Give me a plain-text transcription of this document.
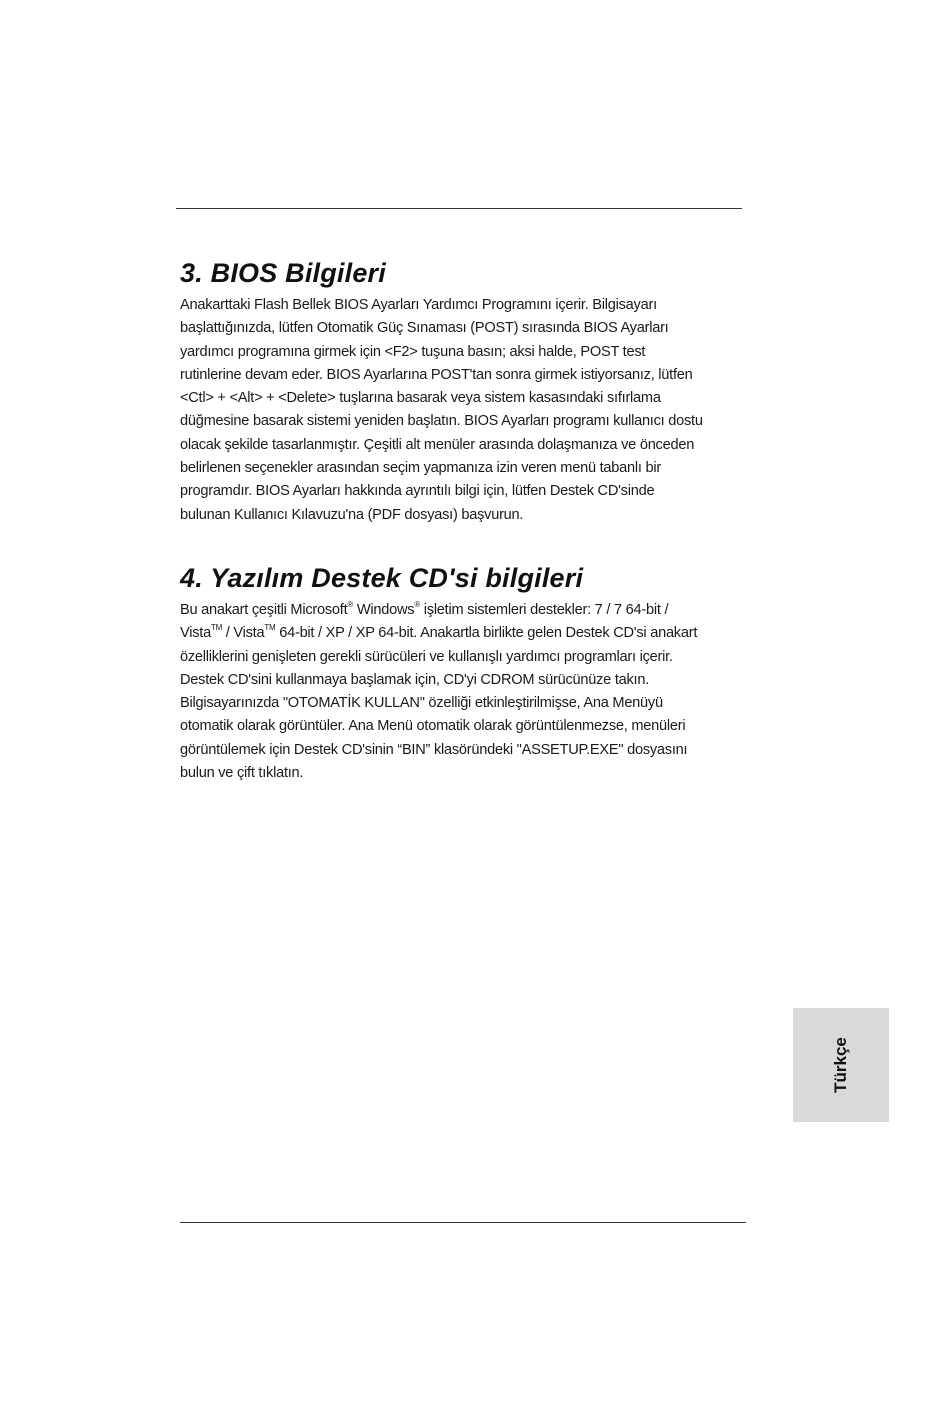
3. BIOS Bilgileri
Anakarttaki Flash Bellek BIOS Ayarları Yardımcı Programını içerir. Bilgisayarı
başlattığınızda, lütfen Otomatik Güç Sınaması (POST) sırasında BIOS Ayarları
yardımcı programına girmek için <F2> tuşuna basın; aksi halde, POST test
rutinlerine devam eder. BIOS Ayarlarına POST'tan sonra girmek istiyorsanız, lütfen
<Ctl> + <Alt> + <Delete> tuşlarına basarak veya sistem kasasındaki sıfırlama
düğmesine basarak sistemi yeniden başlatın. BIOS Ayarları programı kullanıcı dostu
olacak şekilde tasarlanmıştır. Çeşitli alt menüler arasında dolaşmanıza ve önceden
belirlenen seçenekler arasından seçim yapmanıza izin veren menü tabanlı bir
programdır. BIOS Ayarları hakkında ayrıntılı bilgi için, lütfen Destek CD'sinde
bulunan Kullanıcı Kılavuzu'na (PDF dosyası) başvurun.
4. Yazılım Destek CD'si bilgileri
Bu anakart çeşitli Microsoft® Windows® işletim sistemleri destekler: 7 / 7 64-bit /
Vista™ / Vista™ 64-bit / XP / XP 64-bit. Anakartla birlikte gelen Destek CD'si anakart
özelliklerini genişleten gerekli sürücüleri ve kullanışlı yardımcı programları içerir.
Destek CD'sini kullanmaya başlamak için, CD'yi CDROM sürücünüze takın.
Bilgisayarınızda "OTOMATİK KULLAN" özelliği etkinleştirilmişse, Ana Menüyü
otomatik olarak görüntüler. Ana Menü otomatik olarak görüntülenmezse, menüleri
görüntülemek için Destek CD'sinin “BIN” klasöründeki "ASSETUP.EXE" dosyasını
bulun ve çift tıklatın.
Türkçe
